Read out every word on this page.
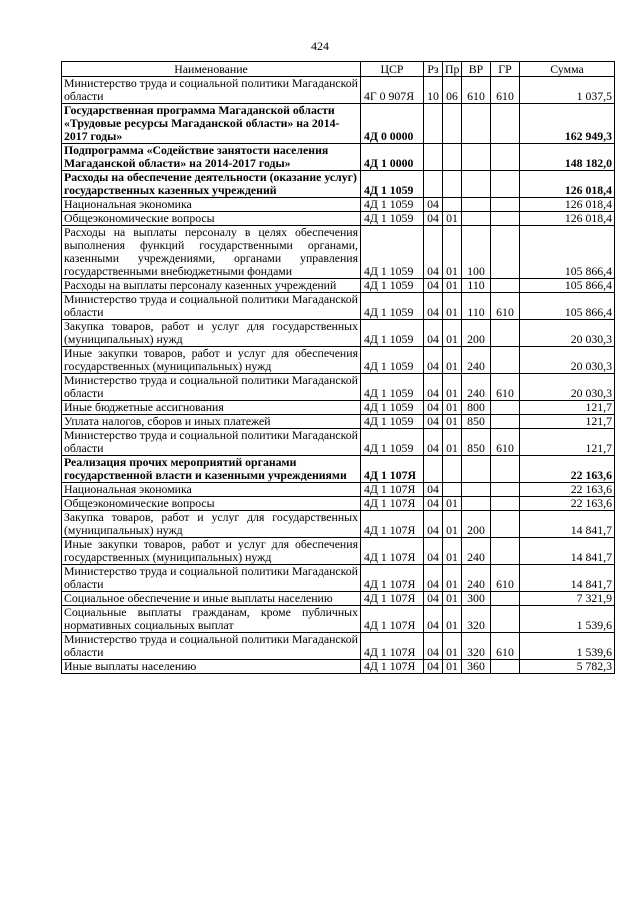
424
Наименование	ЦСР	Рз	Пр	ВР	ГР	Сумма
Министерство труда и социальной политики Магаданской области	4Г 0 907Я	10	06	610	610	1 037,5
Государственная программа Магаданской области «Трудовые ресурсы Магаданской области» на 2014-2017 годы»	4Д 0 0000					162 949,3
Подпрограмма «Содействие занятости населения Магаданской области» на 2014-2017 годы»	4Д 1 0000					148 182,0
Расходы на обеспечение деятельности (оказание услуг) государственных казенных учреждений	4Д 1 1059					126 018,4
Национальная экономика	4Д 1 1059	04				126 018,4
Общеэкономические вопросы	4Д 1 1059	04	01			126 018,4
Расходы на выплаты персоналу в целях обеспечения выполнения функций государственными органами, казенными учреждениями, органами управления государственными внебюджетными фондами	4Д 1 1059	04	01	100		105 866,4
Расходы на выплаты персоналу казенных учреждений	4Д 1 1059	04	01	110		105 866,4
Министерство труда и социальной политики Магаданской области	4Д 1 1059	04	01	110	610	105 866,4
Закупка товаров, работ и услуг для государственных (муниципальных) нужд	4Д 1 1059	04	01	200		20 030,3
Иные закупки товаров, работ и услуг для обеспечения государственных (муниципальных) нужд	4Д 1 1059	04	01	240		20 030,3
Министерство труда и социальной политики Магаданской области	4Д 1 1059	04	01	240	610	20 030,3
Иные бюджетные ассигнования	4Д 1 1059	04	01	800		121,7
Уплата налогов, сборов и иных платежей	4Д 1 1059	04	01	850		121,7
Министерство труда и социальной политики Магаданской области	4Д 1 1059	04	01	850	610	121,7
Реализация прочих мероприятий органами государственной власти и казенными учреждениями	4Д 1 107Я					22 163,6
Национальная экономика	4Д 1 107Я	04				22 163,6
Общеэкономические вопросы	4Д 1 107Я	04	01			22 163,6
Закупка товаров, работ и услуг для государственных (муниципальных) нужд	4Д 1 107Я	04	01	200		14 841,7
Иные закупки товаров, работ и услуг для обеспечения государственных (муниципальных) нужд	4Д 1 107Я	04	01	240		14 841,7
Министерство труда и социальной политики Магаданской области	4Д 1 107Я	04	01	240	610	14 841,7
Социальное обеспечение и иные выплаты населению	4Д 1 107Я	04	01	300		7 321,9
Социальные выплаты гражданам, кроме публичных нормативных социальных выплат	4Д 1 107Я	04	01	320		1 539,6
Министерство труда и социальной политики Магаданской области	4Д 1 107Я	04	01	320	610	1 539,6
Иные выплаты населению	4Д 1 107Я	04	01	360		5 782,3
